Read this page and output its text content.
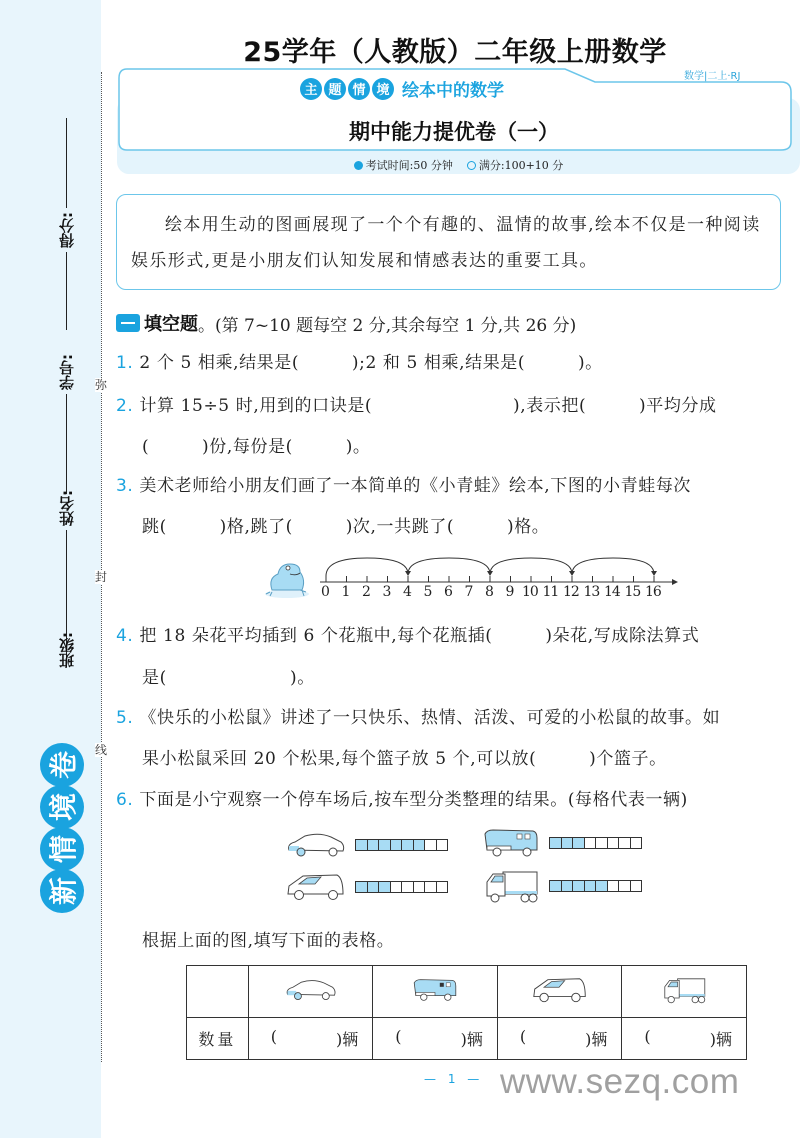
弥
封
线
得分:
学号:
姓名:
班级:
新
情
境
卷
25学年（人教版）二年级上册数学
数学|二上·RJ
主 题 情 境 绘本中的数学
期中能力提优卷（一）
考试时间:50 分钟	满分:100+10 分

绘本用生动的图画展现了一个个有趣的、温情的故事,绘本不仅是一种阅读娱乐形式,更是小朋友们认知发展和情感表达的重要工具。

填空题 。(第 7~10 题每空 2 分,其余每空 1 分,共 26 分)
1. 2 个 5 相乘,结果是(　　　);2 和 5 相乘,结果是(　　　)。
2. 计算 15÷5 时,用到的口诀是(　　　　　　　　),表示把(　　　)平均分成
(　　　)份,每份是(　　　)。
3. 美术老师给小朋友们画了一本简单的《小青蛙》绘本,下图的小青蛙每次
跳(　　　)格,跳了(　　　)次,一共跳了(　　　)格。
0 1 2 3 4 5 6 7 8 9 10 11 12 13 14 15 16
4. 把 18 朵花平均插到 6 个花瓶中,每个花瓶插(　　　)朵花,写成除法算式
是(　　　　　　　)。
5. 《快乐的小松鼠》讲述了一只快乐、热情、活泼、可爱的小松鼠的故事。如
果小松鼠采回 20 个松果,每个篮子放 5 个,可以放(　　　)个篮子。
6. 下面是小宁观察一个停车场后,按车型分类整理的结果。(每格代表一辆)
根据上面的图,填写下面的表格。

数量	( )辆	( )辆	( )辆	( )辆
— 1 — www.sezq.com
